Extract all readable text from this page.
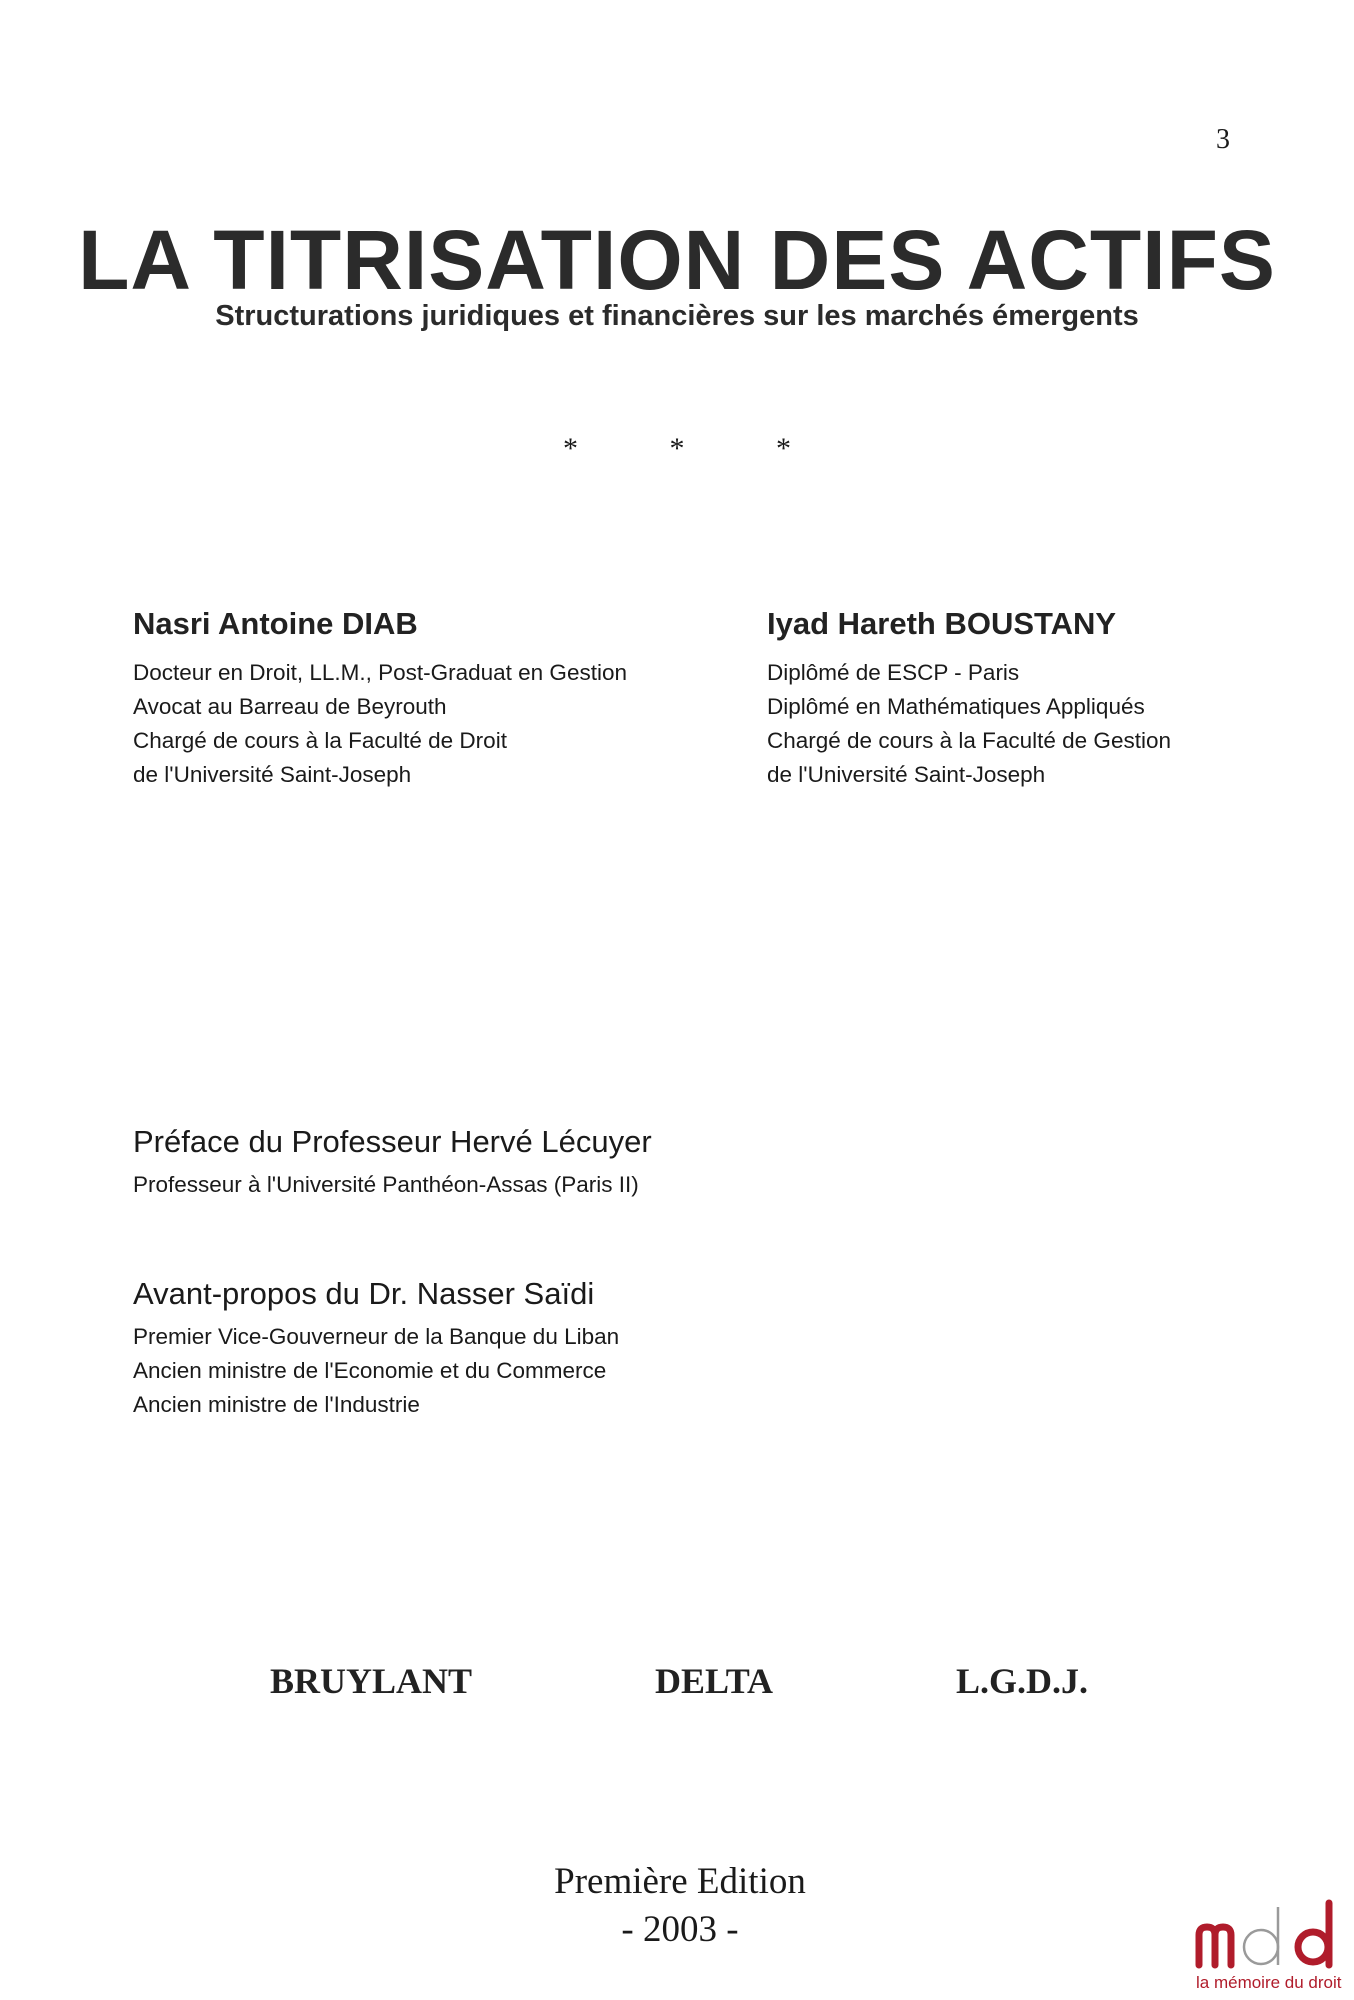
3
LA TITRISATION DES ACTIFS
Structurations juridiques et financières sur les marchés émergents
* * *
Nasri Antoine DIAB
Docteur en Droit, LL.M., Post-Graduat en Gestion
Avocat au Barreau de Beyrouth
Chargé de cours à la Faculté de Droit
de l'Université Saint-Joseph
Iyad Hareth BOUSTANY
Diplômé de ESCP - Paris
Diplômé en Mathématiques Appliqués
Chargé de cours à la Faculté de Gestion
de l'Université Saint-Joseph
Préface du Professeur Hervé Lécuyer
Professeur à l'Université Panthéon-Assas (Paris II)
Avant-propos du Dr. Nasser Saïdi
Premier Vice-Gouverneur de la Banque du Liban
Ancien ministre de l'Economie et du Commerce
Ancien ministre de l'Industrie
BRUYLANT	DELTA	L.G.D.J.
Première Edition
- 2003 -
la mémoire du droit
